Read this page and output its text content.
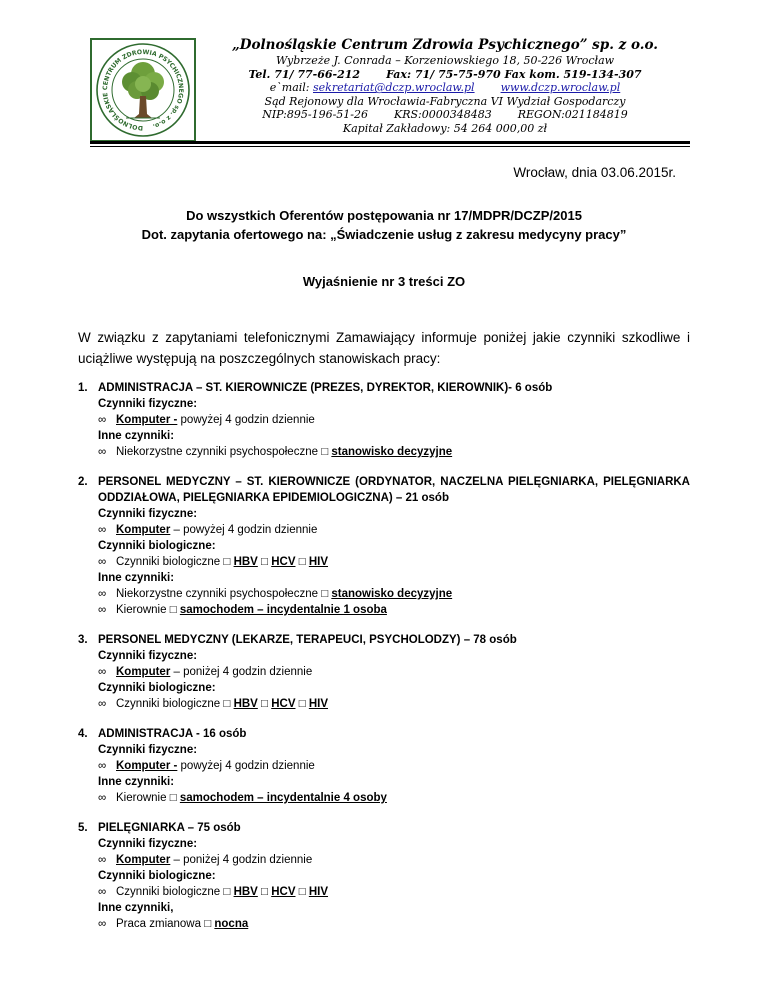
DOLNOŚLĄSKIE CENTRUM ZDROWIA PSYCHICZNEGO sp. z o.o.
„Dolnośląskie Centrum Zdrowia Psychicznego” sp. z o.o.
Wybrzeże J. Conrada – Korzeniowskiego 18, 50-226 Wrocław
Tel. 71/ 77-66-212 Fax: 71/ 75-75-970 Fax kom. 519-134-307
e`mail: sekretariat@dczp.wroclaw.pl www.dczp.wroclaw.pl
Sąd Rejonowy dla Wrocławia-Fabryczna VI Wydział Gospodarczy
NIP:895-196-51-26 KRS:0000348483 REGON:021184819
Kapitał Zakładowy: 54 264 000,00 zł
Wrocław, dnia 03.06.2015r.
Do wszystkich Oferentów postępowania nr 17/MDPR/DCZP/2015
Dot. zapytania ofertowego na: „Świadczenie usług z zakresu medycyny pracy”
Wyjaśnienie nr 3 treści ZO
W związku z zapytaniami telefonicznymi Zamawiający informuje poniżej jakie czynniki szkodliwe i uciążliwe występują na poszczególnych stanowiskach pracy:
1. ADMINISTRACJA – ST. KIEROWNICZE (PREZES, DYREKTOR, KIEROWNIK)- 6 osób
Czynniki fizyczne:
∞ Komputer - powyżej 4 godzin dziennie
Inne czynniki:
∞ Niekorzystne czynniki psychospołeczne □ stanowisko decyzyjne
2. PERSONEL MEDYCZNY – ST. KIEROWNICZE (ORDYNATOR, NACZELNA PIELĘGNIARKA, PIELĘGNIARKA ODDZIAŁOWA, PIELĘGNIARKA EPIDEMIOLOGICZNA) – 21 osób
Czynniki fizyczne:
∞ Komputer – powyżej 4 godzin dziennie
Czynniki biologiczne:
∞ Czynniki biologiczne □ HBV □ HCV □ HIV
Inne czynniki:
∞ Niekorzystne czynniki psychospołeczne □ stanowisko decyzyjne
∞ Kierownie □ samochodem – incydentalnie 1 osoba
3. PERSONEL MEDYCZNY (LEKARZE, TERAPEUCI, PSYCHOLODZY) – 78 osób
Czynniki fizyczne:
∞ Komputer – poniżej 4 godzin dziennie
Czynniki biologiczne:
∞ Czynniki biologiczne □ HBV □ HCV □ HIV
4. ADMINISTRACJA - 16 osób
Czynniki fizyczne:
∞ Komputer - powyżej 4 godzin dziennie
Inne czynniki:
∞ Kierownie □ samochodem – incydentalnie 4 osoby
5. PIELĘGNIARKA – 75 osób
Czynniki fizyczne:
∞ Komputer – poniżej 4 godzin dziennie
Czynniki biologiczne:
∞ Czynniki biologiczne □ HBV □ HCV □ HIV
Inne czynniki,
∞ Praca zmianowa □ nocna
